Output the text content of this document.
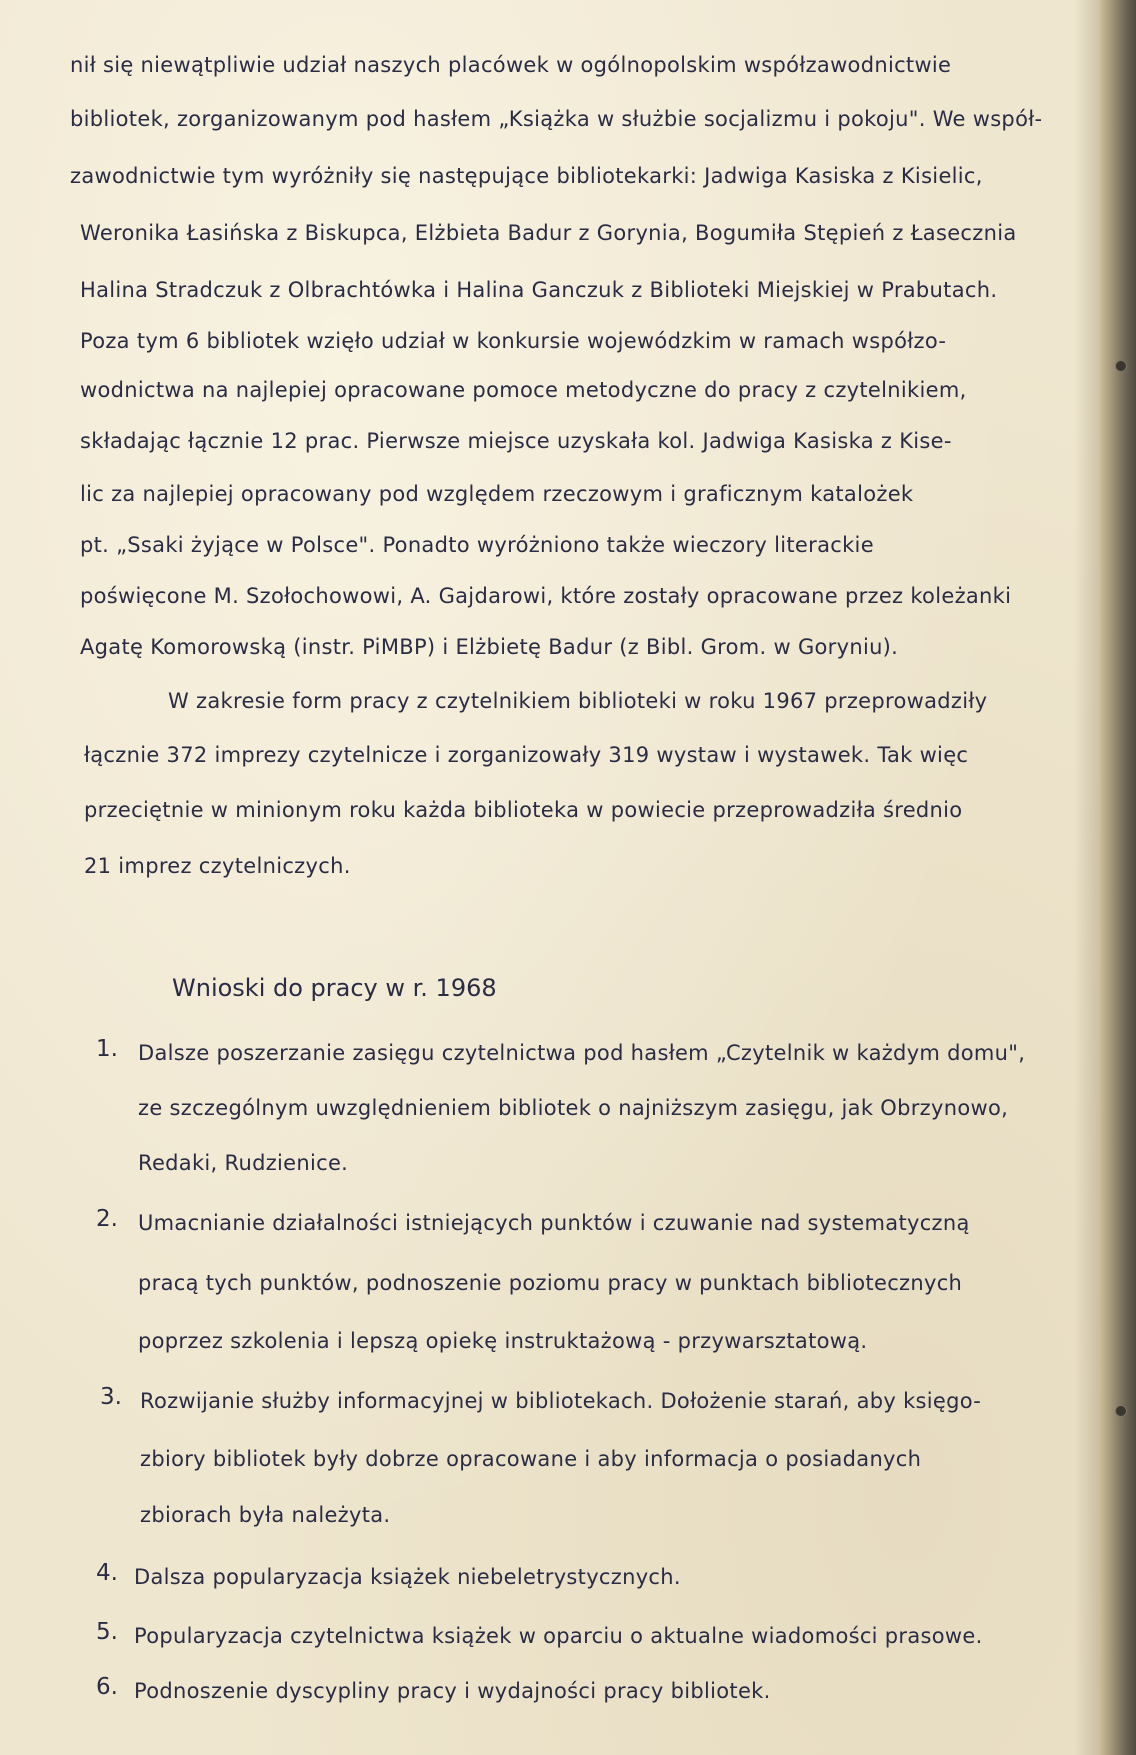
nił się niewątpliwie udział naszych placówek w ogólnopolskim współzawodnictwie
bibliotek, zorganizowanym pod hasłem „Książka w służbie socjalizmu i pokoju". We współ-
zawodnictwie tym wyróżniły się następujące bibliotekarki: Jadwiga Kasiska z Kisielic,
Weronika Łasińska z Biskupca, Elżbieta Badur z Gorynia, Bogumiła Stępień z Łasecznia
Halina Stradczuk z Olbrachtówka i Halina Ganczuk z Biblioteki Miejskiej w Prabutach.
Poza tym 6 bibliotek wzięło udział w konkursie wojewódzkim w ramach współzo-
wodnictwa na najlepiej opracowane pomoce metodyczne do pracy z czytelnikiem,
składając łącznie 12 prac. Pierwsze miejsce uzyskała kol. Jadwiga Kasiska z Kise-
lic za najlepiej opracowany pod względem rzeczowym i graficznym katalożek
pt. „Ssaki żyjące w Polsce". Ponadto wyróżniono także wieczory literackie
poświęcone M. Szołochowowi, A. Gajdarowi, które zostały opracowane przez koleżanki
Agatę Komorowską (instr. PiMBP) i Elżbietę Badur (z Bibl. Grom. w Goryniu).
W zakresie form pracy z czytelnikiem biblioteki w roku 1967 przeprowadziły
łącznie 372 imprezy czytelnicze i zorganizowały 319 wystaw i wystawek. Tak więc
przeciętnie w minionym roku każda biblioteka w powiecie przeprowadziła średnio
21 imprez czytelniczych.
Wnioski do pracy w r. 1968
1. Dalsze poszerzanie zasięgu czytelnictwa pod hasłem „Czytelnik w każdym domu",
ze szczególnym uwzględnieniem bibliotek o najniższym zasięgu, jak Obrzynowo,
Redaki, Rudzienice.
2. Umacnianie działalności istniejących punktów i czuwanie nad systematyczną
pracą tych punktów, podnoszenie poziomu pracy w punktach bibliotecznych
poprzez szkolenia i lepszą opiekę instruktażową - przywarsztatową.
3. Rozwijanie służby informacyjnej w bibliotekach. Dołożenie starań, aby księgo-
zbiory bibliotek były dobrze opracowane i aby informacja o posiadanych
zbiorach była należyta.
4. Dalsza popularyzacja książek niebeletrystycznych.
5. Popularyzacja czytelnictwa książek w oparciu o aktualne wiadomości prasowe.
6. Podnoszenie dyscypliny pracy i wydajności pracy bibliotek.
